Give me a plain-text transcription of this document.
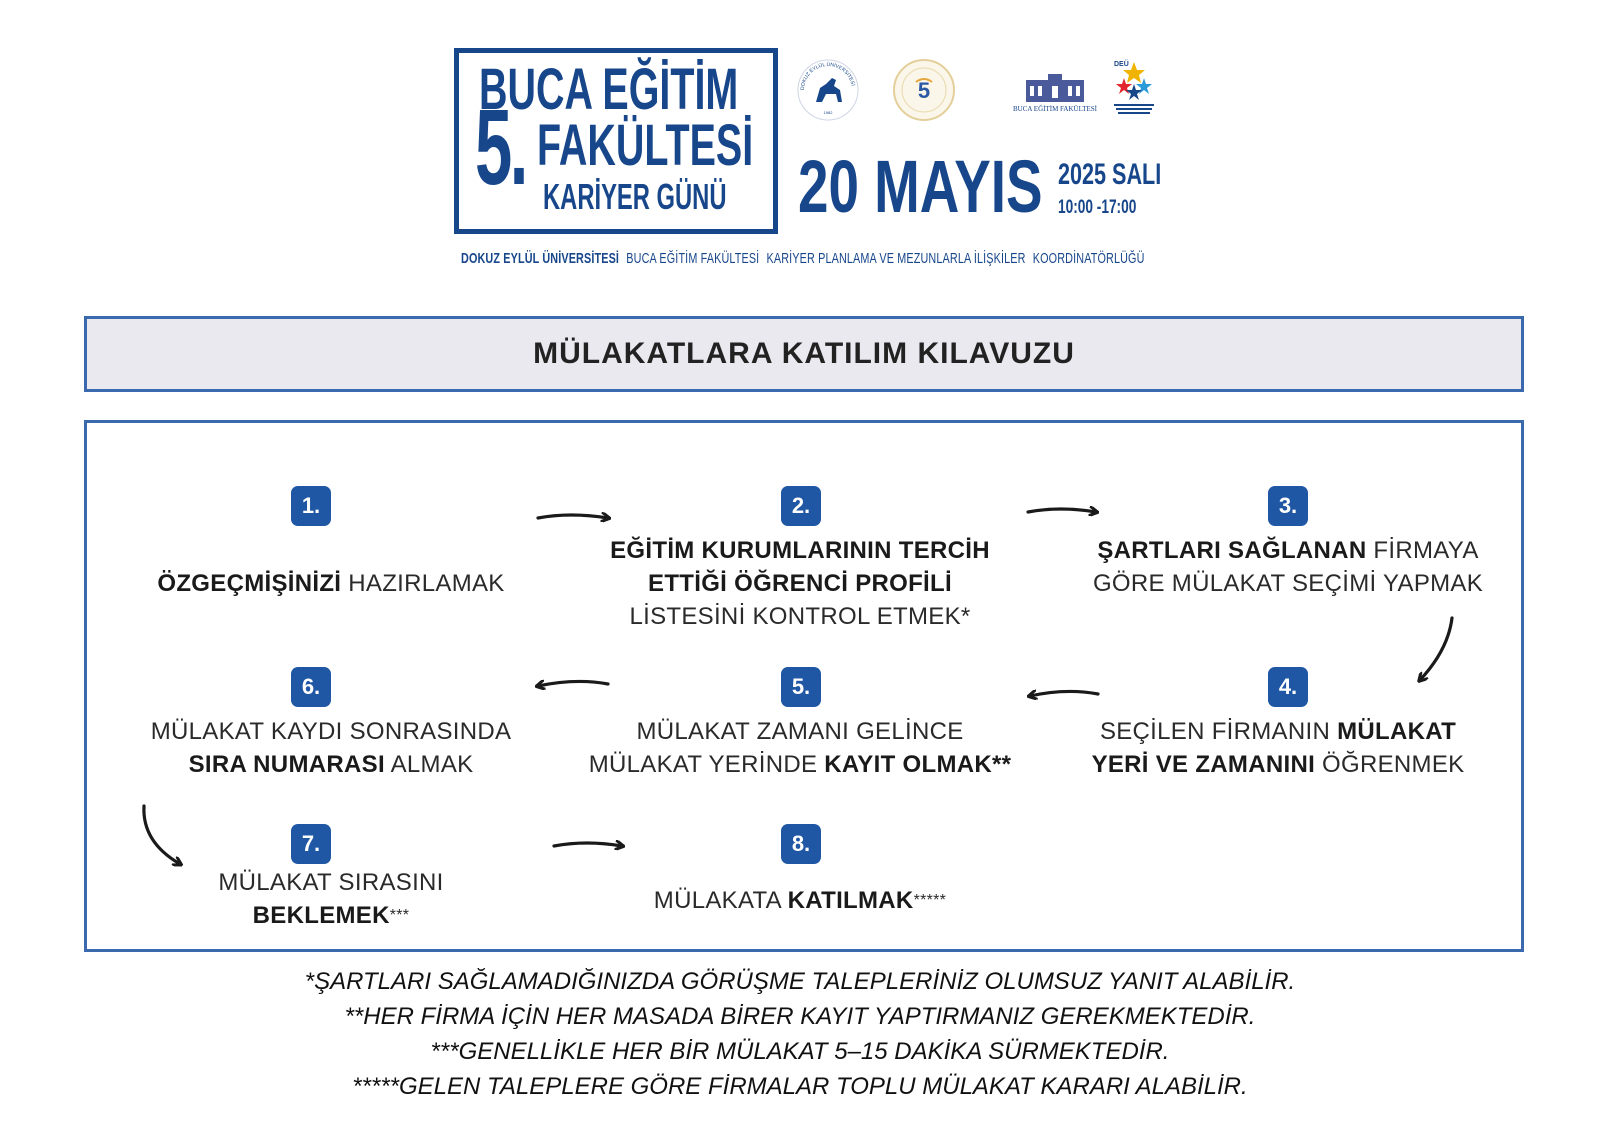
5.
BUCA EĞİTİM
FAKÜLTESİ
KARİYER GÜNÜ
DOKUZ EYLÜL ÜNİVERSİTESİ
1982
5
BUCA EĞİTİM FAKÜLTESİ
DEÜ
20 MAYIS 2025 SALI
10:00 -17:00
DOKUZ EYLÜL ÜNİVERSİTESİ BUCA EĞİTİM FAKÜLTESİ KARİYER PLANLAMA VE MEZUNLARLA İLİŞKİLER KOORDİNATÖRLÜĞÜ
MÜLAKATLARA KATILIM KILAVUZU
1.
ÖZGEÇMİŞİNİZİ HAZIRLAMAK
2.
EĞİTİM KURUMLARININ TERCİH
ETTİĞİ ÖĞRENCİ PROFİLİ
LİSTESİNİ KONTROL ETMEK*
3.
ŞARTLARI SAĞLANAN FİRMAYA
GÖRE MÜLAKAT SEÇİMİ YAPMAK
4.
SEÇİLEN FİRMANIN MÜLAKAT
YERİ VE ZAMANINI ÖĞRENMEK
5.
MÜLAKAT ZAMANI GELİNCE
MÜLAKAT YERİNDE KAYIT OLMAK**
6.
MÜLAKAT KAYDI SONRASINDA
SIRA NUMARASI ALMAK
7.
MÜLAKAT SIRASINI
BEKLEMEK***
8.
MÜLAKATA KATILMAK*****
*ŞARTLARI SAĞLAMADIĞINIZDA GÖRÜŞME TALEPLERİNİZ OLUMSUZ YANIT ALABİLİR.
**HER FİRMA İÇİN HER MASADA BİRER KAYIT YAPTIRMANIZ GEREKMEKTEDİR.
***GENELLİKLE HER BİR MÜLAKAT 5–15 DAKİKA SÜRMEKTEDİR.
*****GELEN TALEPLERE GÖRE FİRMALAR TOPLU MÜLAKAT KARARI ALABİLİR.
